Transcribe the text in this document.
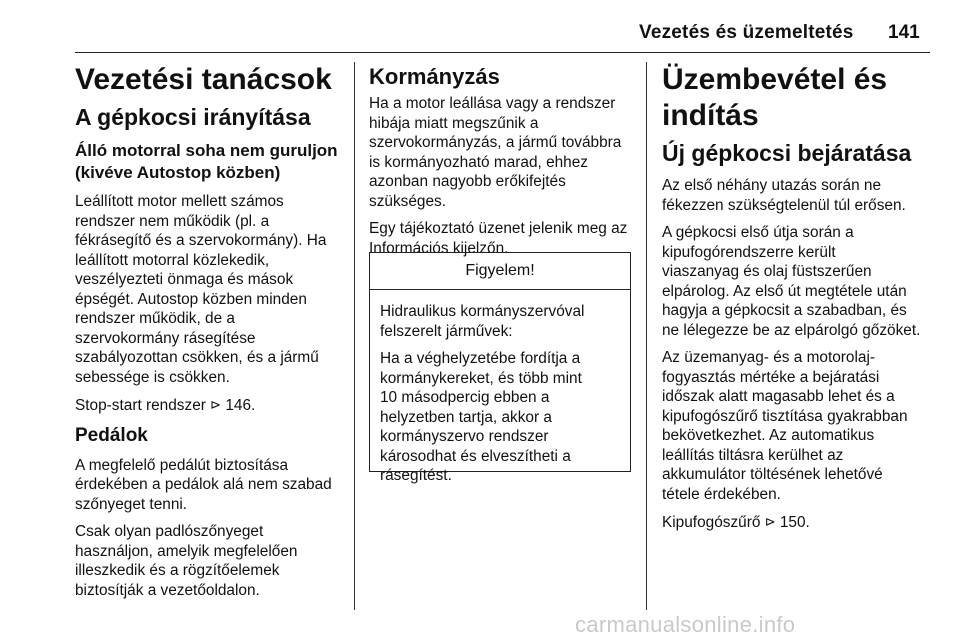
Vezetés és üzemeltetés 141
Vezetési tanácsok
A gépkocsi irányítása
Álló motorral soha nem guruljon
(kivéve Autostop közben)

Leállított motor mellett számos
rendszer nem működik (pl. a
fékrásegítő és a szervokormány). Ha
leállított motorral közlekedik,
veszélyezteti önmaga és mások
épségét. Autostop közben minden
rendszer működik, de a
szervokormány rásegítése
szabályozottan csökken, és a jármű
sebessége is csökken.

Stop-start rendszer ⊳ 146.

Pedálok

A megfelelő pedálút biztosítása
érdekében a pedálok alá nem szabad
szőnyeget tenni.

Csak olyan padlószőnyeget
használjon, amelyik megfelelően
illeszkedik és a rögzítőelemek
biztosítják a vezetőoldalon.

Kormányzás

Ha a motor leállása vagy a rendszer
hibája miatt megszűnik a
szervokormányzás, a jármű továbbra
is kormányozható marad, ehhez
azonban nagyobb erőkifejtés
szükséges.

Egy tájékoztató üzenet jelenik meg az
Információs kijelzőn.

Figyelem!

Hidraulikus kormányszervóval
felszerelt járművek:

Ha a véghelyzetébe fordítja a
kormánykereket, és több mint
10 másodpercig ebben a
helyzetben tartja, akkor a
kormányszervo rendszer
károsodhat és elveszítheti a
rásegítést.

Üzembevétel és indítás
Új gépkocsi bejáratása

Az első néhány utazás során ne
fékezzen szükségtelenül túl erősen.

A gépkocsi első útja során a
kipufogórendszerre került
viaszanyag és olaj füstszerűen
elpárolog. Az első út megtétele után
hagyja a gépkocsit a szabadban, és
ne lélegezze be az elpárolgó gőzöket.

Az üzemanyag- és a motorolaj-
fogyasztás mértéke a bejáratási
időszak alatt magasabb lehet és a
kipufogószűrő tisztítása gyakrabban
bekövetkezhet. Az automatikus
leállítás tiltásra kerülhet az
akkumulátor töltésének lehetővé
tétele érdekében.

Kipufogószűrő ⊳ 150.

carmanualsonline.info
